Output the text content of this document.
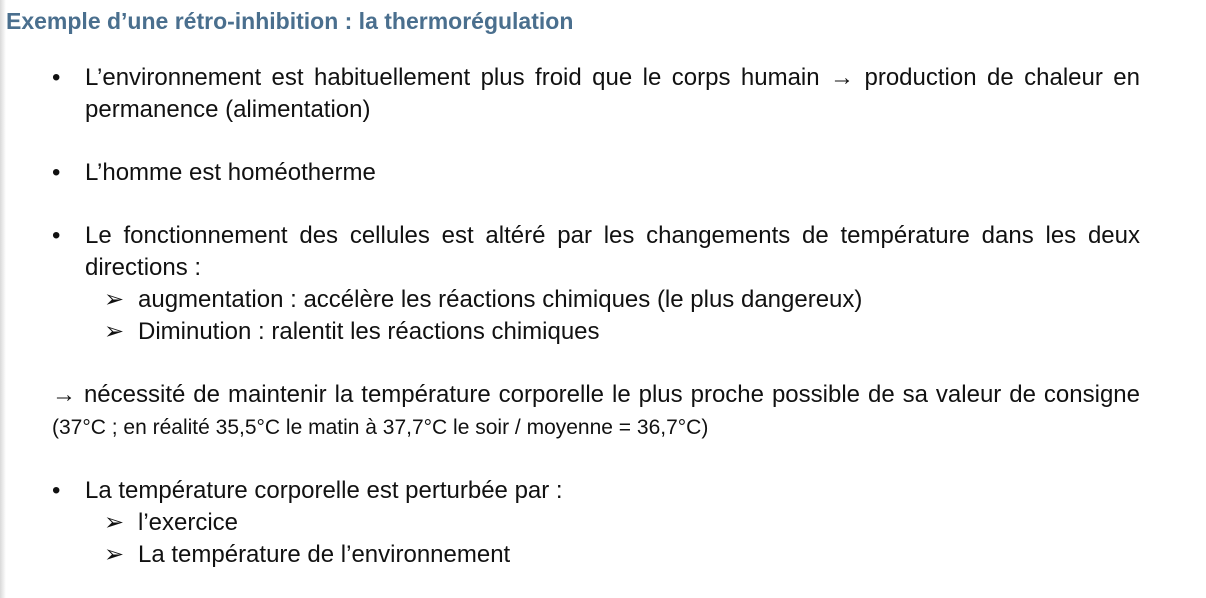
Exemple d’une rétro-inhibition : la thermorégulation
•	L’environnement est habituellement plus froid que le corps humain → production de chaleur en permanence (alimentation)
•	L’homme est homéotherme
•	Le fonctionnement des cellules est altéré par les changements de température dans les deux directions :
➢ augmentation : accélère les réactions chimiques (le plus dangereux)
➢ Diminution : ralentit les réactions chimiques
→ nécessité de maintenir la température corporelle le plus proche possible de sa valeur de consigne (37°C ; en réalité 35,5°C le matin à 37,7°C le soir / moyenne = 36,7°C)
•	La température corporelle est perturbée par :
➢ l’exercice
➢ La température de l’environnement
